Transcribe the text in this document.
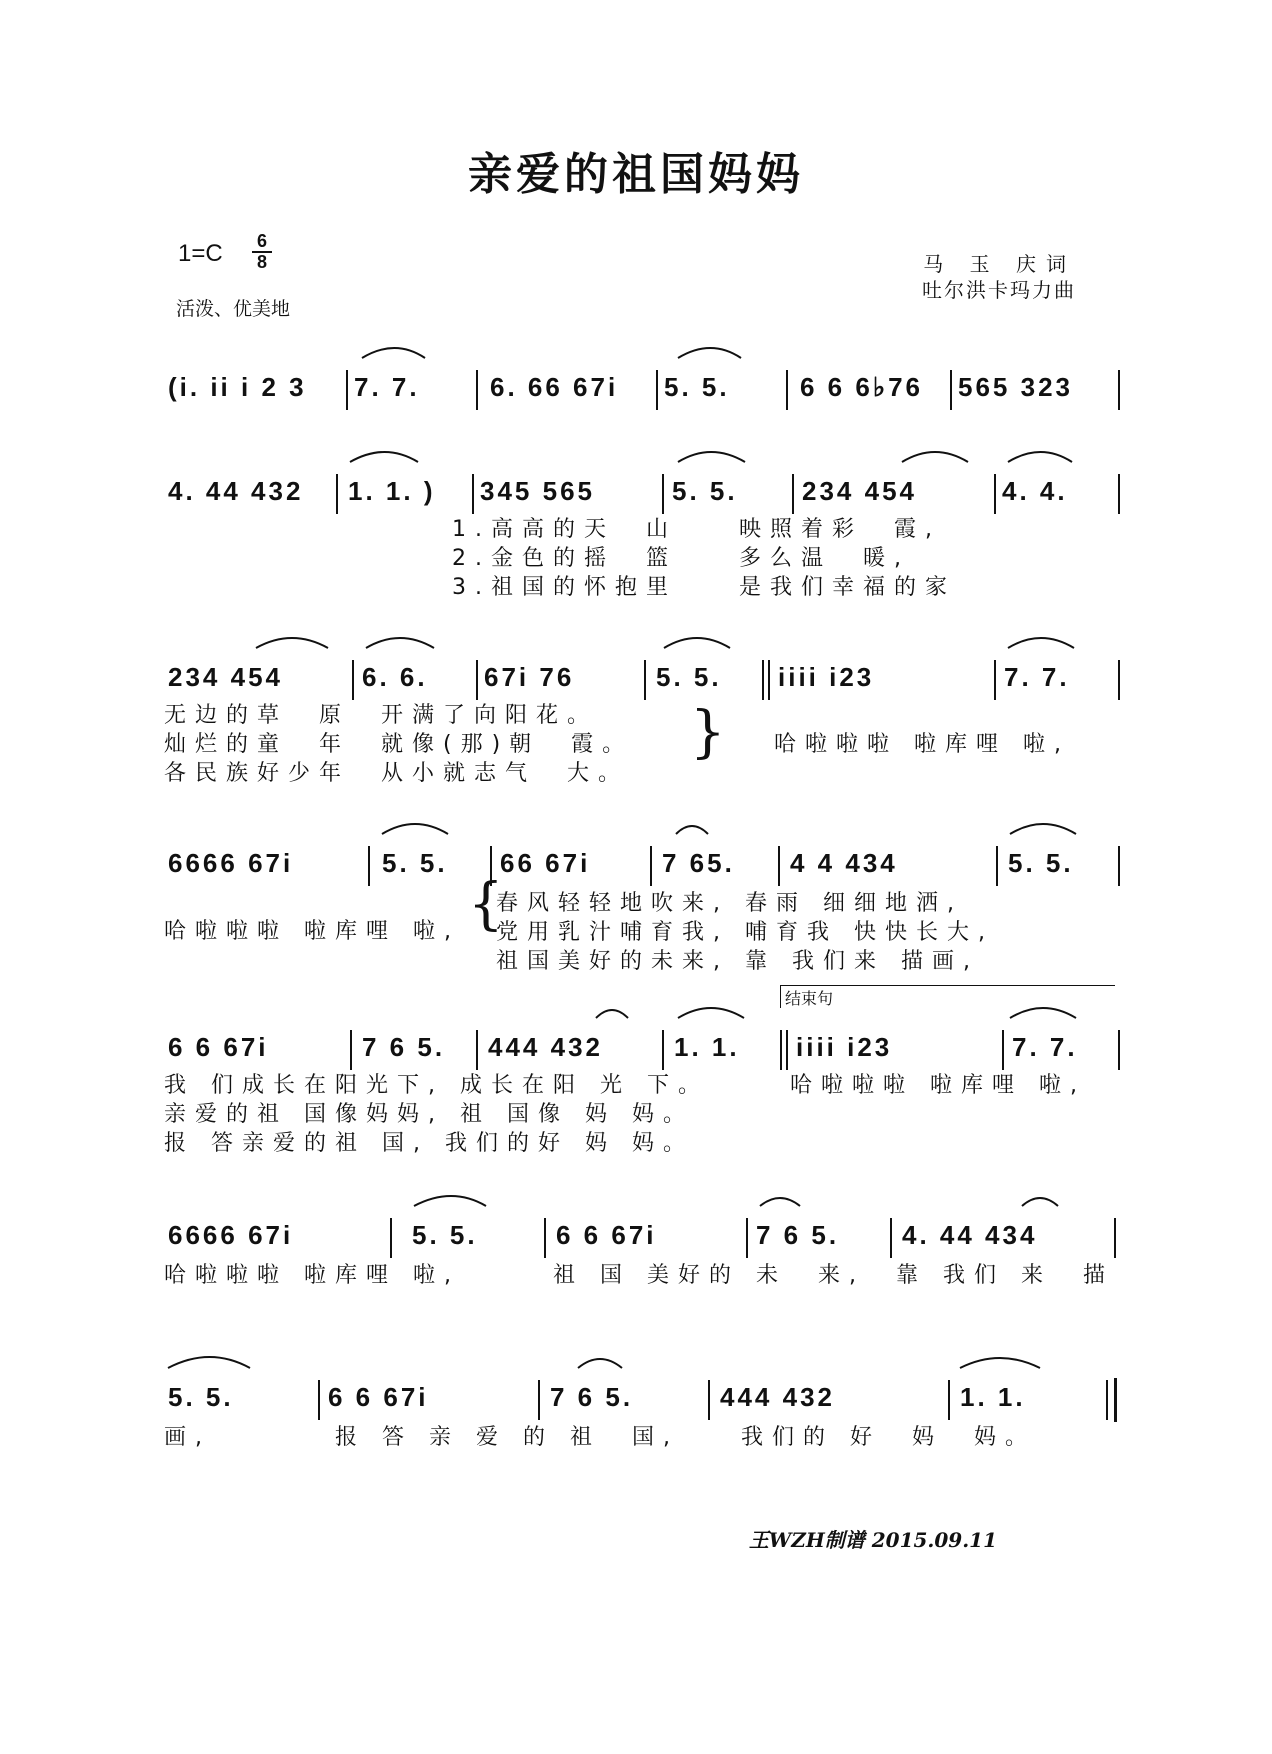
亲爱的祖国妈妈
$1=C \frac{6}{8}$
活泼、优美地
马 玉 庆词
吐尔洪卡玛力曲
(i. ii i 2 3 7. 7.	6. 66 67i 5. 5.	6 6 6♭76 565 323
4. 44 432 1. 1. ) 345 565	5. 5. 234 454	4. 4.
1.高高的天　山　　映照着彩　霞,
2.金色的摇　篮　　多么温　暖,
3.祖国的怀抱里　　是我们幸福的家
234 454	6. 6. 67i 76	5. 5. iiii i23	7. 7.
无边的草　原　开满了向阳花。
灿烂的童　年　就像(那)朝　霞。
各民族好少年　从小就志气　大。
} 哈啦啦啦 啦库哩 啦,
6666 67i	5. 5. 66 67i	7 65. 4 4 434	5. 5.
哈啦啦啦 啦库哩 啦, {
春风轻轻地吹来, 春雨 细细地洒,
党用乳汁哺育我, 哺育我 快快长大,
祖国美好的未来, 靠 我们来 描画,
结束句
6 6 67i	7 6 5. 444 432	1. 1. iiii i23	7. 7.
我 们成长在阳光下, 成长在阳 光 下。
亲爱的祖 国像妈妈, 祖 国像 妈 妈。
报 答亲爱的祖 国, 我们的好 妈 妈。
哈啦啦啦 啦库哩 啦,
6666 67i	5. 5.	6 6 67i	7 6 5. 4. 44 434
哈啦啦啦 啦库哩 啦,　　　祖 国 美好的 未　来,　靠 我们 来　描
5. 5.	6 6 67i	7 6 5.	444 432	1. 1.
画,　　　　报 答 亲 爱 的 祖　国,　　我们的 好　妈　妈。
王WZH制谱 2015.09.11
